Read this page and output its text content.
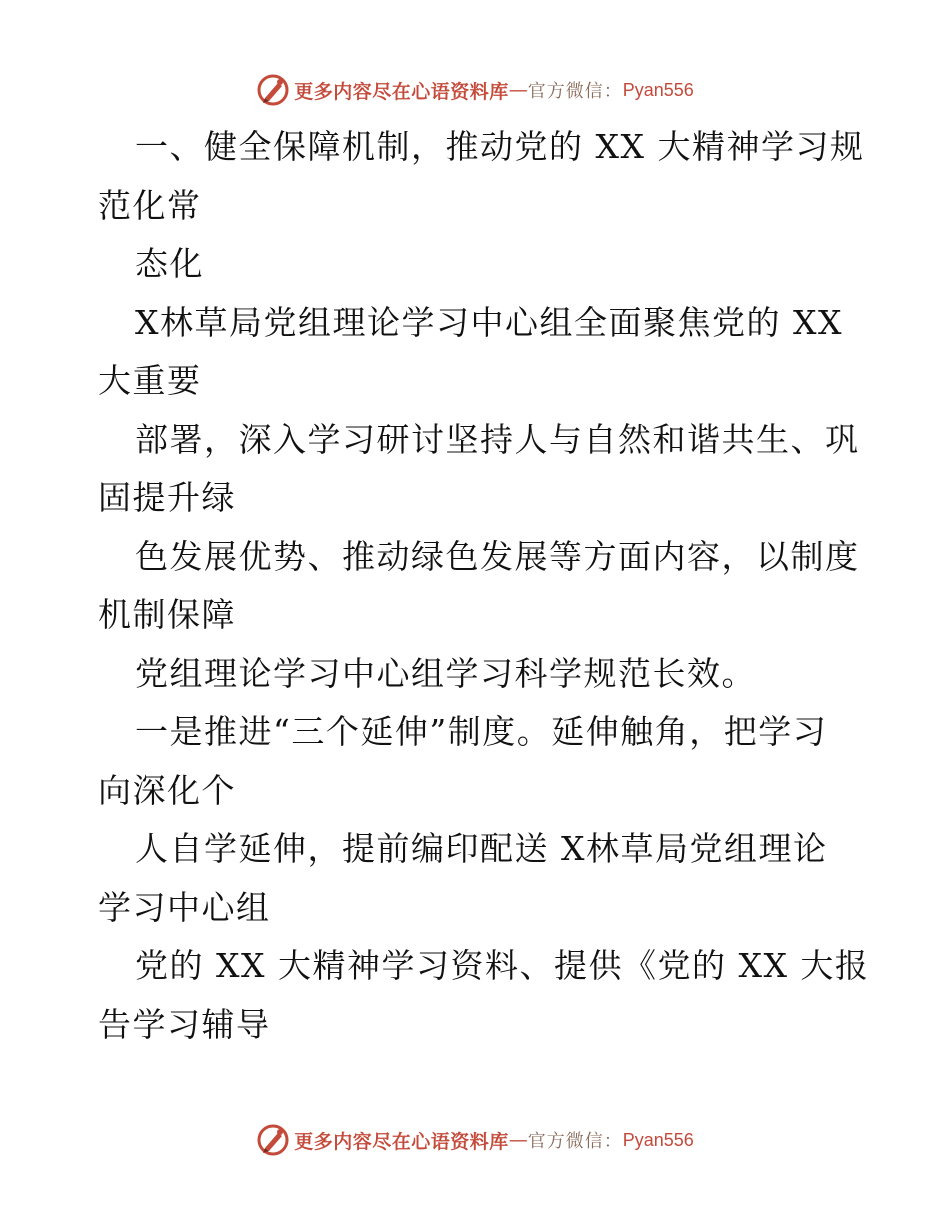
更多内容尽在心语资料库 — 官方微信： Pyan556
一、健全保障机制，推动党的 XX 大精神学习规
范化常
态化
X林草局党组理论学习中心组全面聚焦党的 XX
大重要
部署，深入学习研讨坚持人与自然和谐共生、巩
固提升绿
色发展优势、推动绿色发展等方面内容，以制度
机制保障
党组理论学习中心组学习科学规范长效。
一是推进“三个延伸”制度。延伸触角，把学习
向深化个
人自学延伸，提前编印配送 X林草局党组理论
学习中心组
党的 XX 大精神学习资料、提供《党的 XX 大报
告学习辅导
更多内容尽在心语资料库 — 官方微信： Pyan556
